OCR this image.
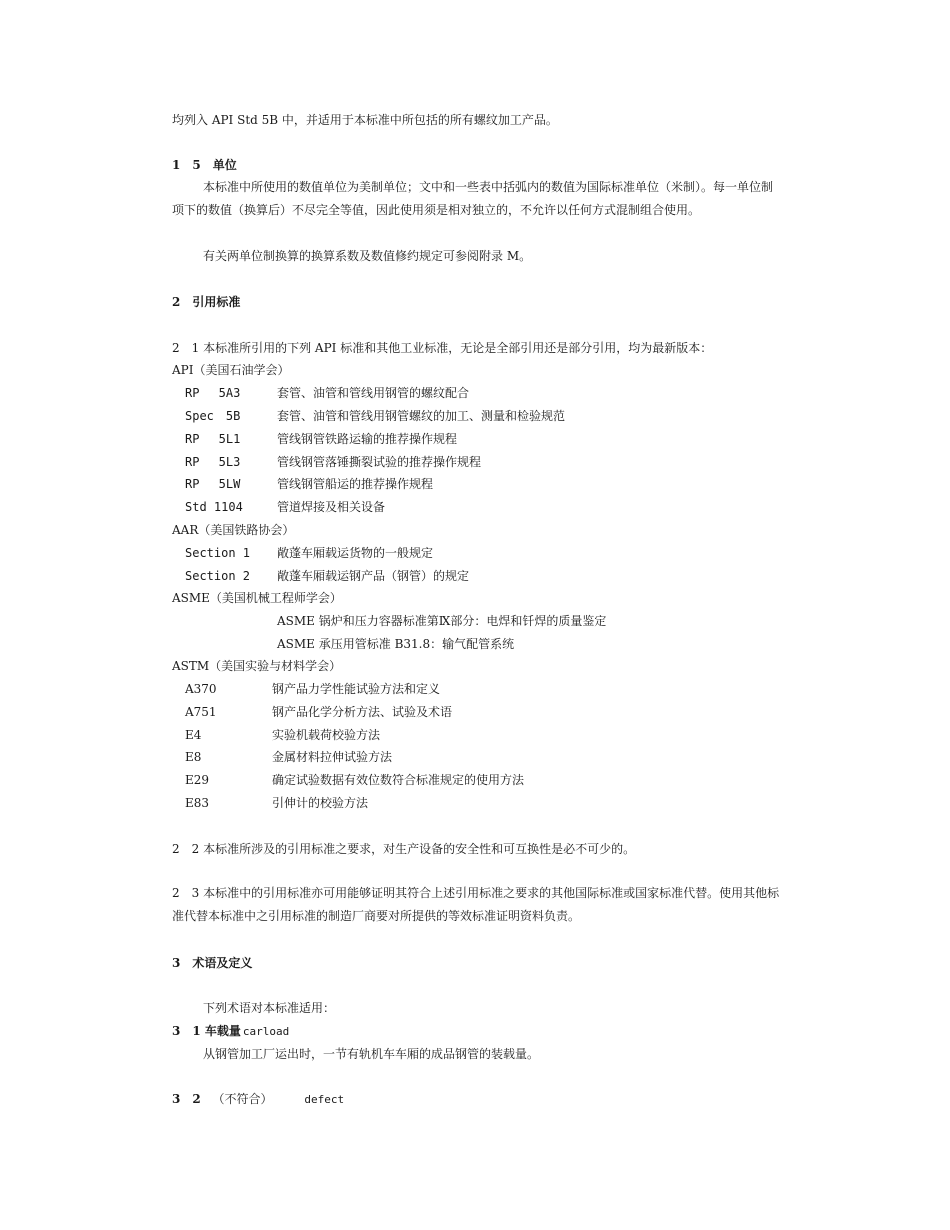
均列入 API Std 5B 中，并适用于本标准中所包括的所有螺纹加工产品。
1　5　单位
本标准中所使用的数值单位为美制单位；文中和一些表中括弧内的数值为国际标准单位（米制）。每一单位制项下的数值（换算后）不尽完全等值，因此使用须是相对独立的，不允许以任何方式混制组合使用。
有关两单位制换算的换算系数及数值修约规定可参阅附录 M。
2　引用标准
2　1 本标准所引用的下列 API 标准和其他工业标准，无论是全部引用还是部分引用，均为最新版本：
API（美国石油学会）
RP　 5A3	套管、油管和管线用钢管的螺纹配合
Spec　5B	套管、油管和管线用钢管螺纹的加工、测量和检验规范
RP　 5L1	管线钢管铁路运输的推荐操作规程
RP　 5L3	管线钢管落锤撕裂试验的推荐操作规程
RP　 5LW	管线钢管船运的推荐操作规程
Std 1104	管道焊接及相关设备
AAR（美国铁路协会）
Section 1 敞蓬车厢载运货物的一般规定
Section 2 敞蓬车厢载运钢产品（钢管）的规定
ASME（美国机械工程师学会）
ASME 锅炉和压力容器标准第Ⅸ部分：电焊和钎焊的质量鉴定
ASME 承压用管标准 B31.8：输气配管系统
ASTM（美国实验与材料学会）
A370	钢产品力学性能试验方法和定义
A751	钢产品化学分析方法、试验及术语
E4	实验机载荷校验方法
E8	金属材料拉伸试验方法
E29	确定试验数据有效位数符合标准规定的使用方法
E83	引伸计的校验方法
2　2 本标准所涉及的引用标准之要求，对生产设备的安全性和可互换性是必不可少的。
2　3 本标准中的引用标准亦可用能够证明其符合上述引用标准之要求的其他国际标准或国家标准代替。使用其他标准代替本标准中之引用标准的制造厂商要对所提供的等效标准证明资料负责。
3　术语及定义
下列术语对本标准适用：
3　1 车载量 carload
从钢管加工厂运出时，一节有轨机车车厢的成品钢管的装载量。
3　2 （不符合）	defect
